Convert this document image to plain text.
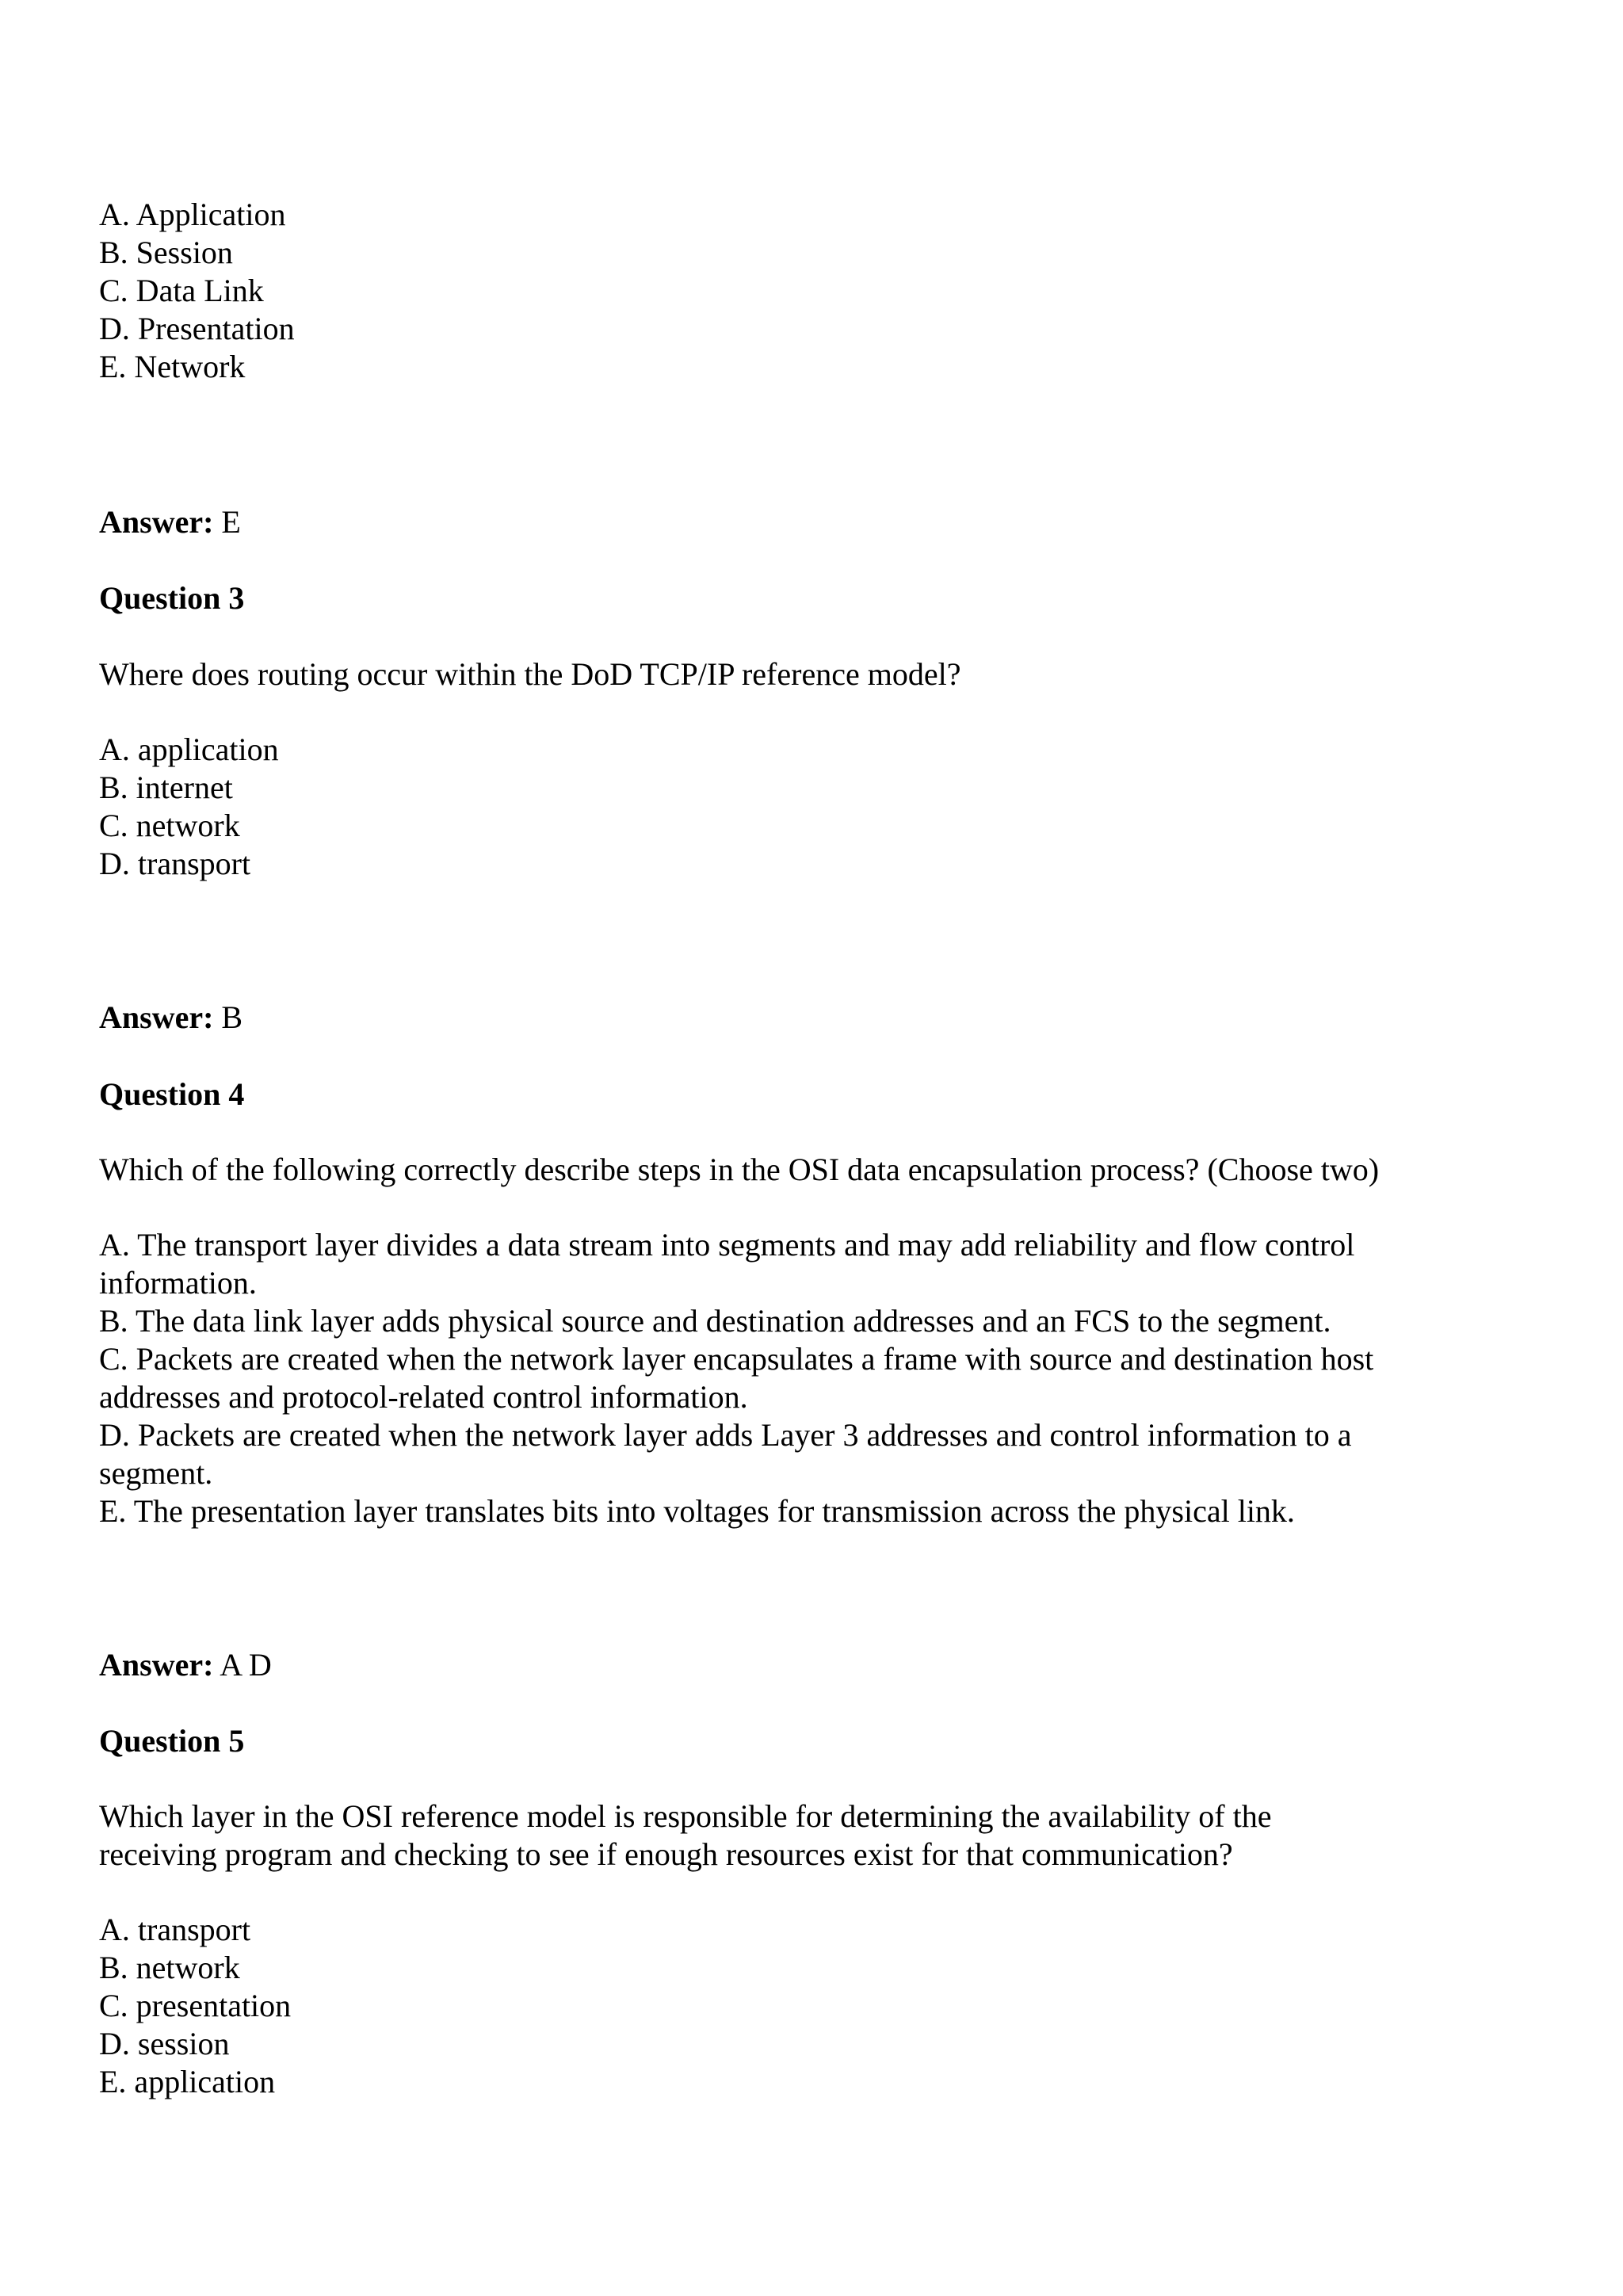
A. Application
B. Session
C. Data Link
D. Presentation
E. Network
Answer: E
Question 3
Where does routing occur within the DoD TCP/IP reference model?
A. application
B. internet
C. network
D. transport
Answer: B
Question 4
Which of the following correctly describe steps in the OSI data encapsulation process? (Choose two)
A. The transport layer divides a data stream into segments and may add reliability and flow control
information.
B. The data link layer adds physical source and destination addresses and an FCS to the segment.
C. Packets are created when the network layer encapsulates a frame with source and destination host
addresses and protocol-related control information.
D. Packets are created when the network layer adds Layer 3 addresses and control information to a
segment.
E. The presentation layer translates bits into voltages for transmission across the physical link.
Answer: A D
Question 5
Which layer in the OSI reference model is responsible for determining the availability of the
receiving program and checking to see if enough resources exist for that communication?
A. transport
B. network
C. presentation
D. session
E. application
